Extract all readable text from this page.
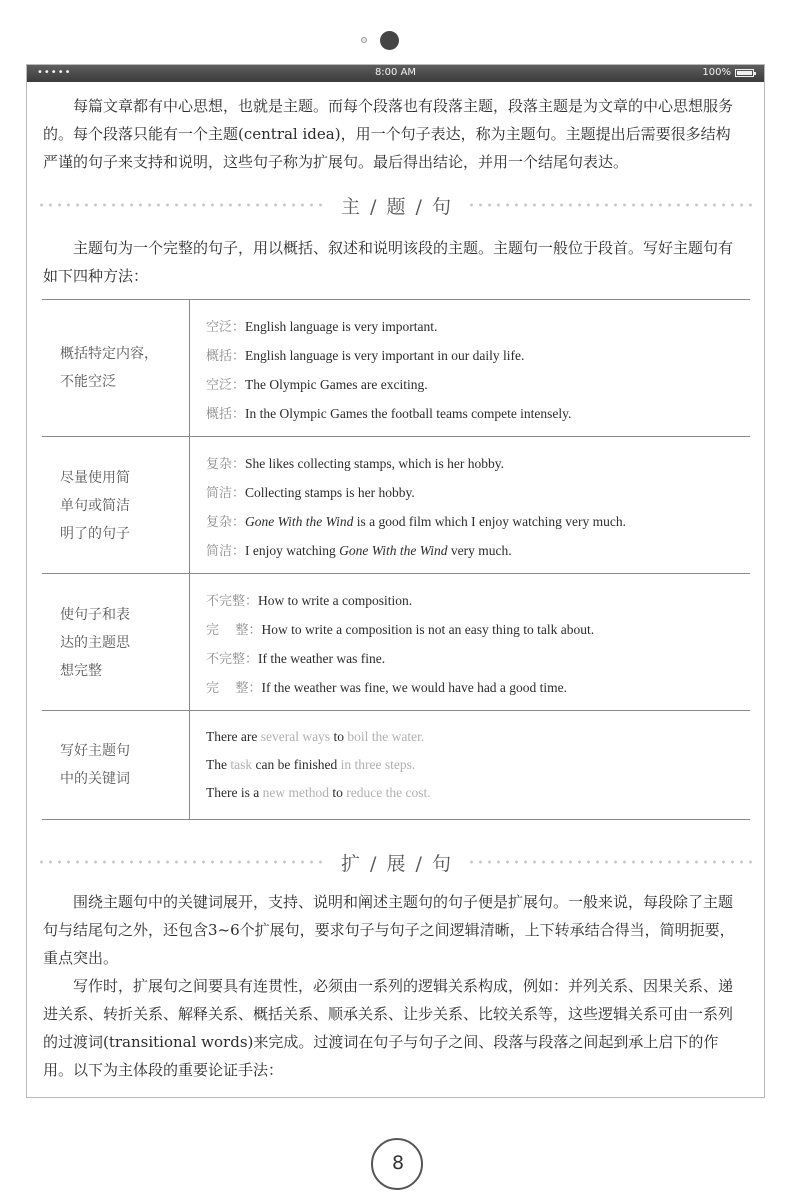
•••••	8:00 AM	100%

每篇文章都有中心思想，也就是主题。而每个段落也有段落主题，段落主题是为文章的中心思想服务的。每个段落只能有一个主题(central idea)，用一个句子表达，称为主题句。主题提出后需要很多结构严谨的句子来支持和说明，这些句子称为扩展句。最后得出结论，并用一个结尾句表达。

主 / 题 / 句

主题句为一个完整的句子，用以概括、叙述和说明该段的主题。主题句一般位于段首。写好主题句有如下四种方法：

概括特定内容，
不能空泛
空泛：English language is very important.
概括：English language is very important in our daily life.
空泛：The Olympic Games are exciting.
概括：In the Olympic Games the football teams compete intensely.
尽量使用简
单句或简洁
明了的句子
复杂：She likes collecting stamps, which is her hobby.
简洁：Collecting stamps is her hobby.
复杂：Gone With the Wind is a good film which I enjoy watching very much.
简洁：I enjoy watching Gone With the Wind very much.
使句子和表
达的主题思
想完整
不完整：How to write a composition.
完    整：How to write a composition is not an easy thing to talk about.
不完整：If the weather was fine.
完    整：If the weather was fine, we would have had a good time.
写好主题句
中的关键词
There are several ways to boil the water.
The task can be finished in three steps.
There is a new method to reduce the cost.
扩 / 展 / 句

围绕主题句中的关键词展开，支持、说明和阐述主题句的句子便是扩展句。一般来说，每段除了主题句与结尾句之外，还包含3~6个扩展句，要求句子与句子之间逻辑清晰，上下转承结合得当，简明扼要，重点突出。

写作时，扩展句之间要具有连贯性，必须由一系列的逻辑关系构成，例如：并列关系、因果关系、递进关系、转折关系、解释关系、概括关系、顺承关系、让步关系、比较关系等，这些逻辑关系可由一系列的过渡词(transitional words)来完成。过渡词在句子与句子之间、段落与段落之间起到承上启下的作用。以下为主体段的重要论证手法：

8
